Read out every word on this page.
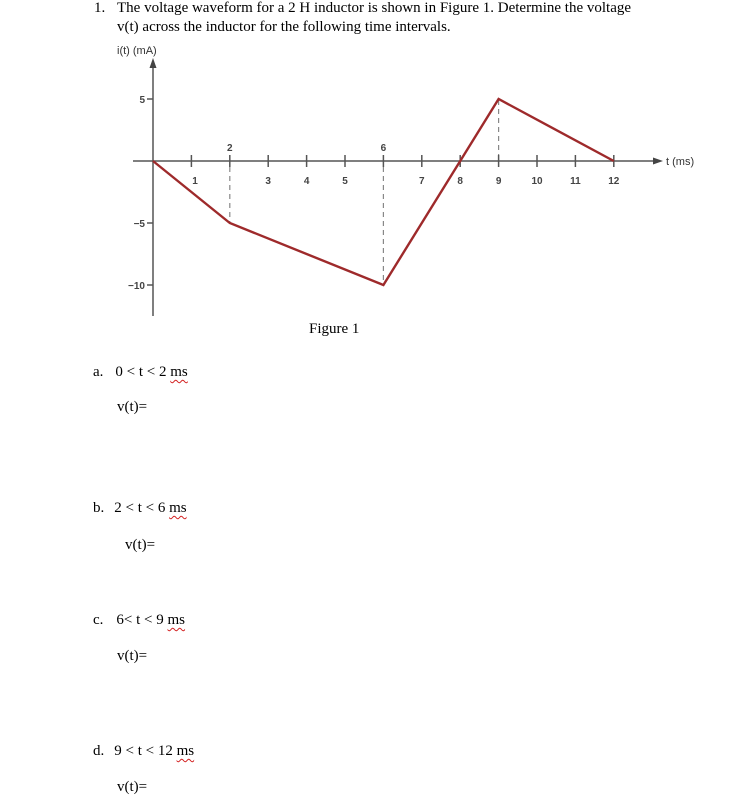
1. The voltage waveform for a 2 H inductor is shown in Figure 1. Determine the voltage
v(t) across the inductor for the following time intervals.
i(t) (mA)
t (ms)
2	6
1	3	4	5	7	8	9	10	11	12
5
−5
−10
Figure 1
a. 0 < t < 2 ms
v(t)=
b. 2 < t < 6 ms
v(t)=
c. 6< t < 9 ms
v(t)=
d. 9 < t < 12 ms
v(t)=
